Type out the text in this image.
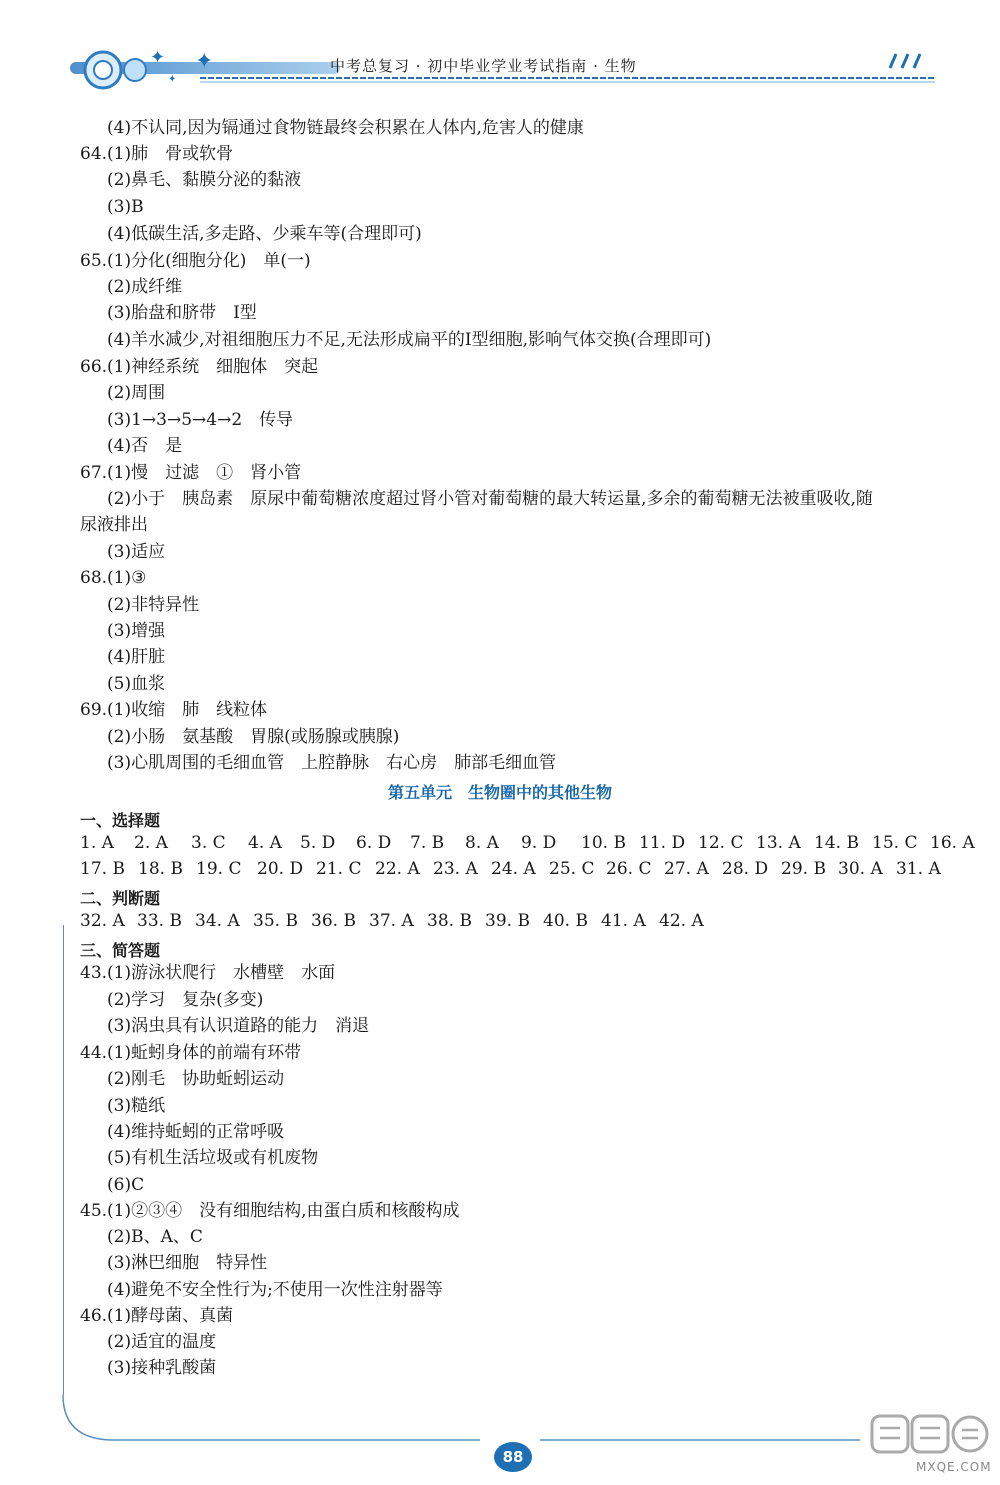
✦ ✦
✦
中考总复习 · 初中毕业学业考试指南 · 生物
(4)不认同,因为镉通过食物链最终会积累在人体内,危害人的健康
64.(1)肺　骨或软骨
(2)鼻毛、黏膜分泌的黏液
(3)B
(4)低碳生活,多走路、少乘车等(合理即可)
65.(1)分化(细胞分化)　单(一)
(2)成纤维
(3)胎盘和脐带　Ⅰ型
(4)羊水减少,对祖细胞压力不足,无法形成扁平的Ⅰ型细胞,影响气体交换(合理即可)
66.(1)神经系统　细胞体　突起
(2)周围
(3)1→3→5→4→2　传导
(4)否　是
67.(1)慢　过滤　①　肾小管
(2)小于　胰岛素　原尿中葡萄糖浓度超过肾小管对葡萄糖的最大转运量,多余的葡萄糖无法被重吸收,随
尿液排出
(3)适应
68.(1)③
(2)非特异性
(3)增强
(4)肝脏
(5)血浆
69.(1)收缩　肺　线粒体
(2)小肠　氨基酸　胃腺(或肠腺或胰腺)
(3)心肌周围的毛细血管　上腔静脉　右心房　肺部毛细血管
第五单元　生物圈中的其他生物
一、选择题
1. A 2. A 3. C 4. A 5. D 6. D 7. B 8. A 9. D 10. B 11. D 12. C 13. A 14. B 15. C 16. A
17. B 18. B 19. C 20. D 21. C 22. A 23. A 24. A 25. C 26. C 27. A 28. D 29. B 30. A 31. A
二、判断题
32. A 33. B 34. A 35. B 36. B 37. A 38. B 39. B 40. B 41. A 42. A
三、简答题
43.(1)游泳状爬行　水槽壁　水面
(2)学习　复杂(多变)
(3)涡虫具有认识道路的能力　消退
44.(1)蚯蚓身体的前端有环带
(2)刚毛　协助蚯蚓运动
(3)糙纸
(4)维持蚯蚓的正常呼吸
(5)有机生活垃圾或有机废物
(6)C
45.(1)②③④　没有细胞结构,由蛋白质和核酸构成
(2)B、A、C
(3)淋巴细胞　特异性
(4)避免不安全性行为;不使用一次性注射器等
46.(1)酵母菌、真菌
(2)适宜的温度
(3)接种乳酸菌
88
MXQE.COM
